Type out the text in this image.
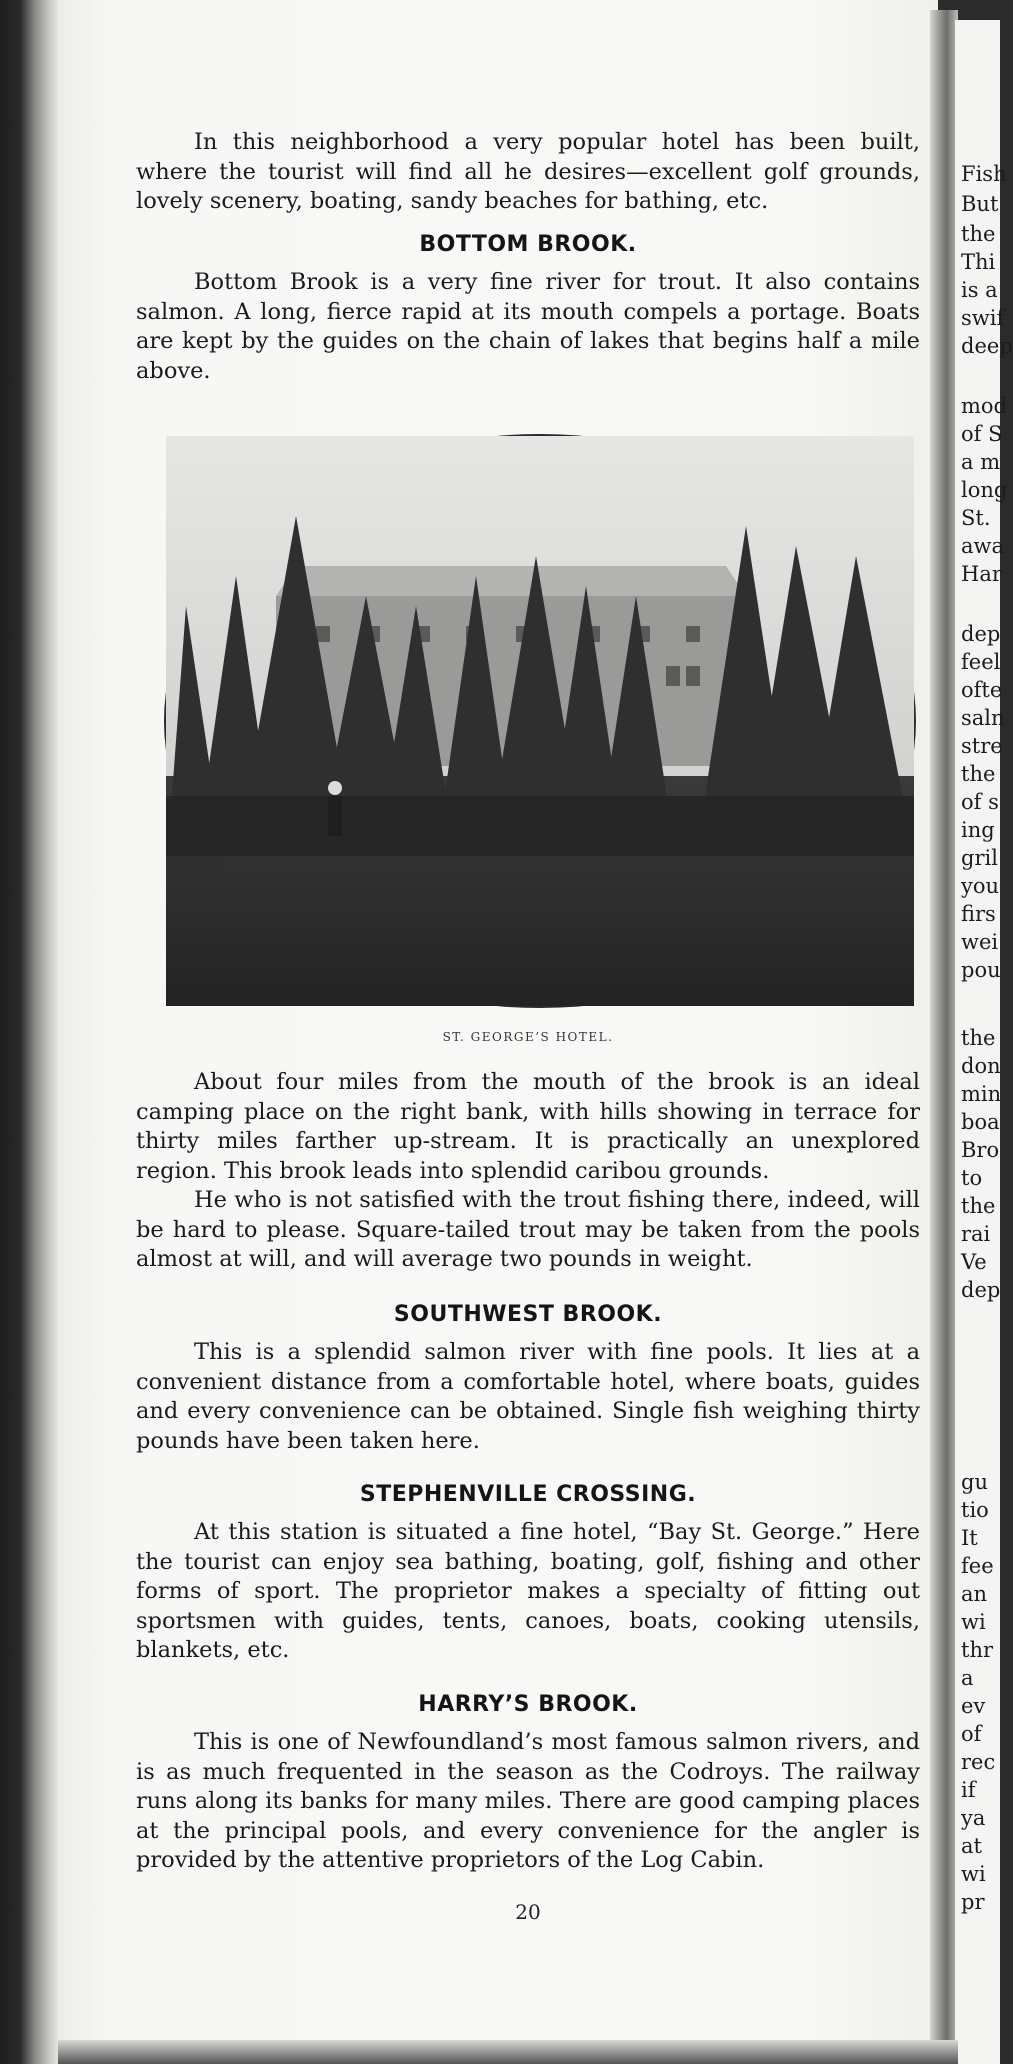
Fish
But
the
Thi
is a
swif
deep
mod
of S
a m
long
St.
awa
Har
dep
feel
ofte
saln
stre
the
of s
ing
gril
you
firs
wei
pou
the
don
min
boa
Bro
to
the
rai
Ve
dep
gu
tio
It
fee
an
wi
thr
a
ev
of
rec
if
ya
at
wi
pr

In this neighborhood a very popular hotel has been built, where the tourist will find all he desires—excellent golf grounds, lovely scenery, boating, sandy beaches for bathing, etc.

BOTTOM BROOK.

Bottom Brook is a very fine river for trout. It also contains salmon. A long, fierce rapid at its mouth compels a portage. Boats are kept by the guides on the chain of lakes that begins half a mile above.

ST. GEORGE’S HOTEL.

About four miles from the mouth of the brook is an ideal camping place on the right bank, with hills showing in terrace for thirty miles farther up-stream. It is practically an unexplored region. This brook leads into splendid caribou grounds.

He who is not satisfied with the trout fishing there, indeed, will be hard to please. Square-tailed trout may be taken from the pools almost at will, and will average two pounds in weight.

SOUTHWEST BROOK.

This is a splendid salmon river with fine pools. It lies at a convenient distance from a comfortable hotel, where boats, guides and every convenience can be obtained. Single fish weighing thirty pounds have been taken here.

STEPHENVILLE CROSSING.

At this station is situated a fine hotel, “Bay St. George.” Here the tourist can enjoy sea bathing, boating, golf, fishing and other forms of sport. The proprietor makes a specialty of fitting out sportsmen with guides, tents, canoes, boats, cooking utensils, blankets, etc.

HARRY’S BROOK.

This is one of Newfoundland’s most famous salmon rivers, and is as much frequented in the season as the Codroys. The railway runs along its banks for many miles. There are good camping places at the principal pools, and every convenience for the angler is provided by the attentive proprietors of the Log Cabin.

20
